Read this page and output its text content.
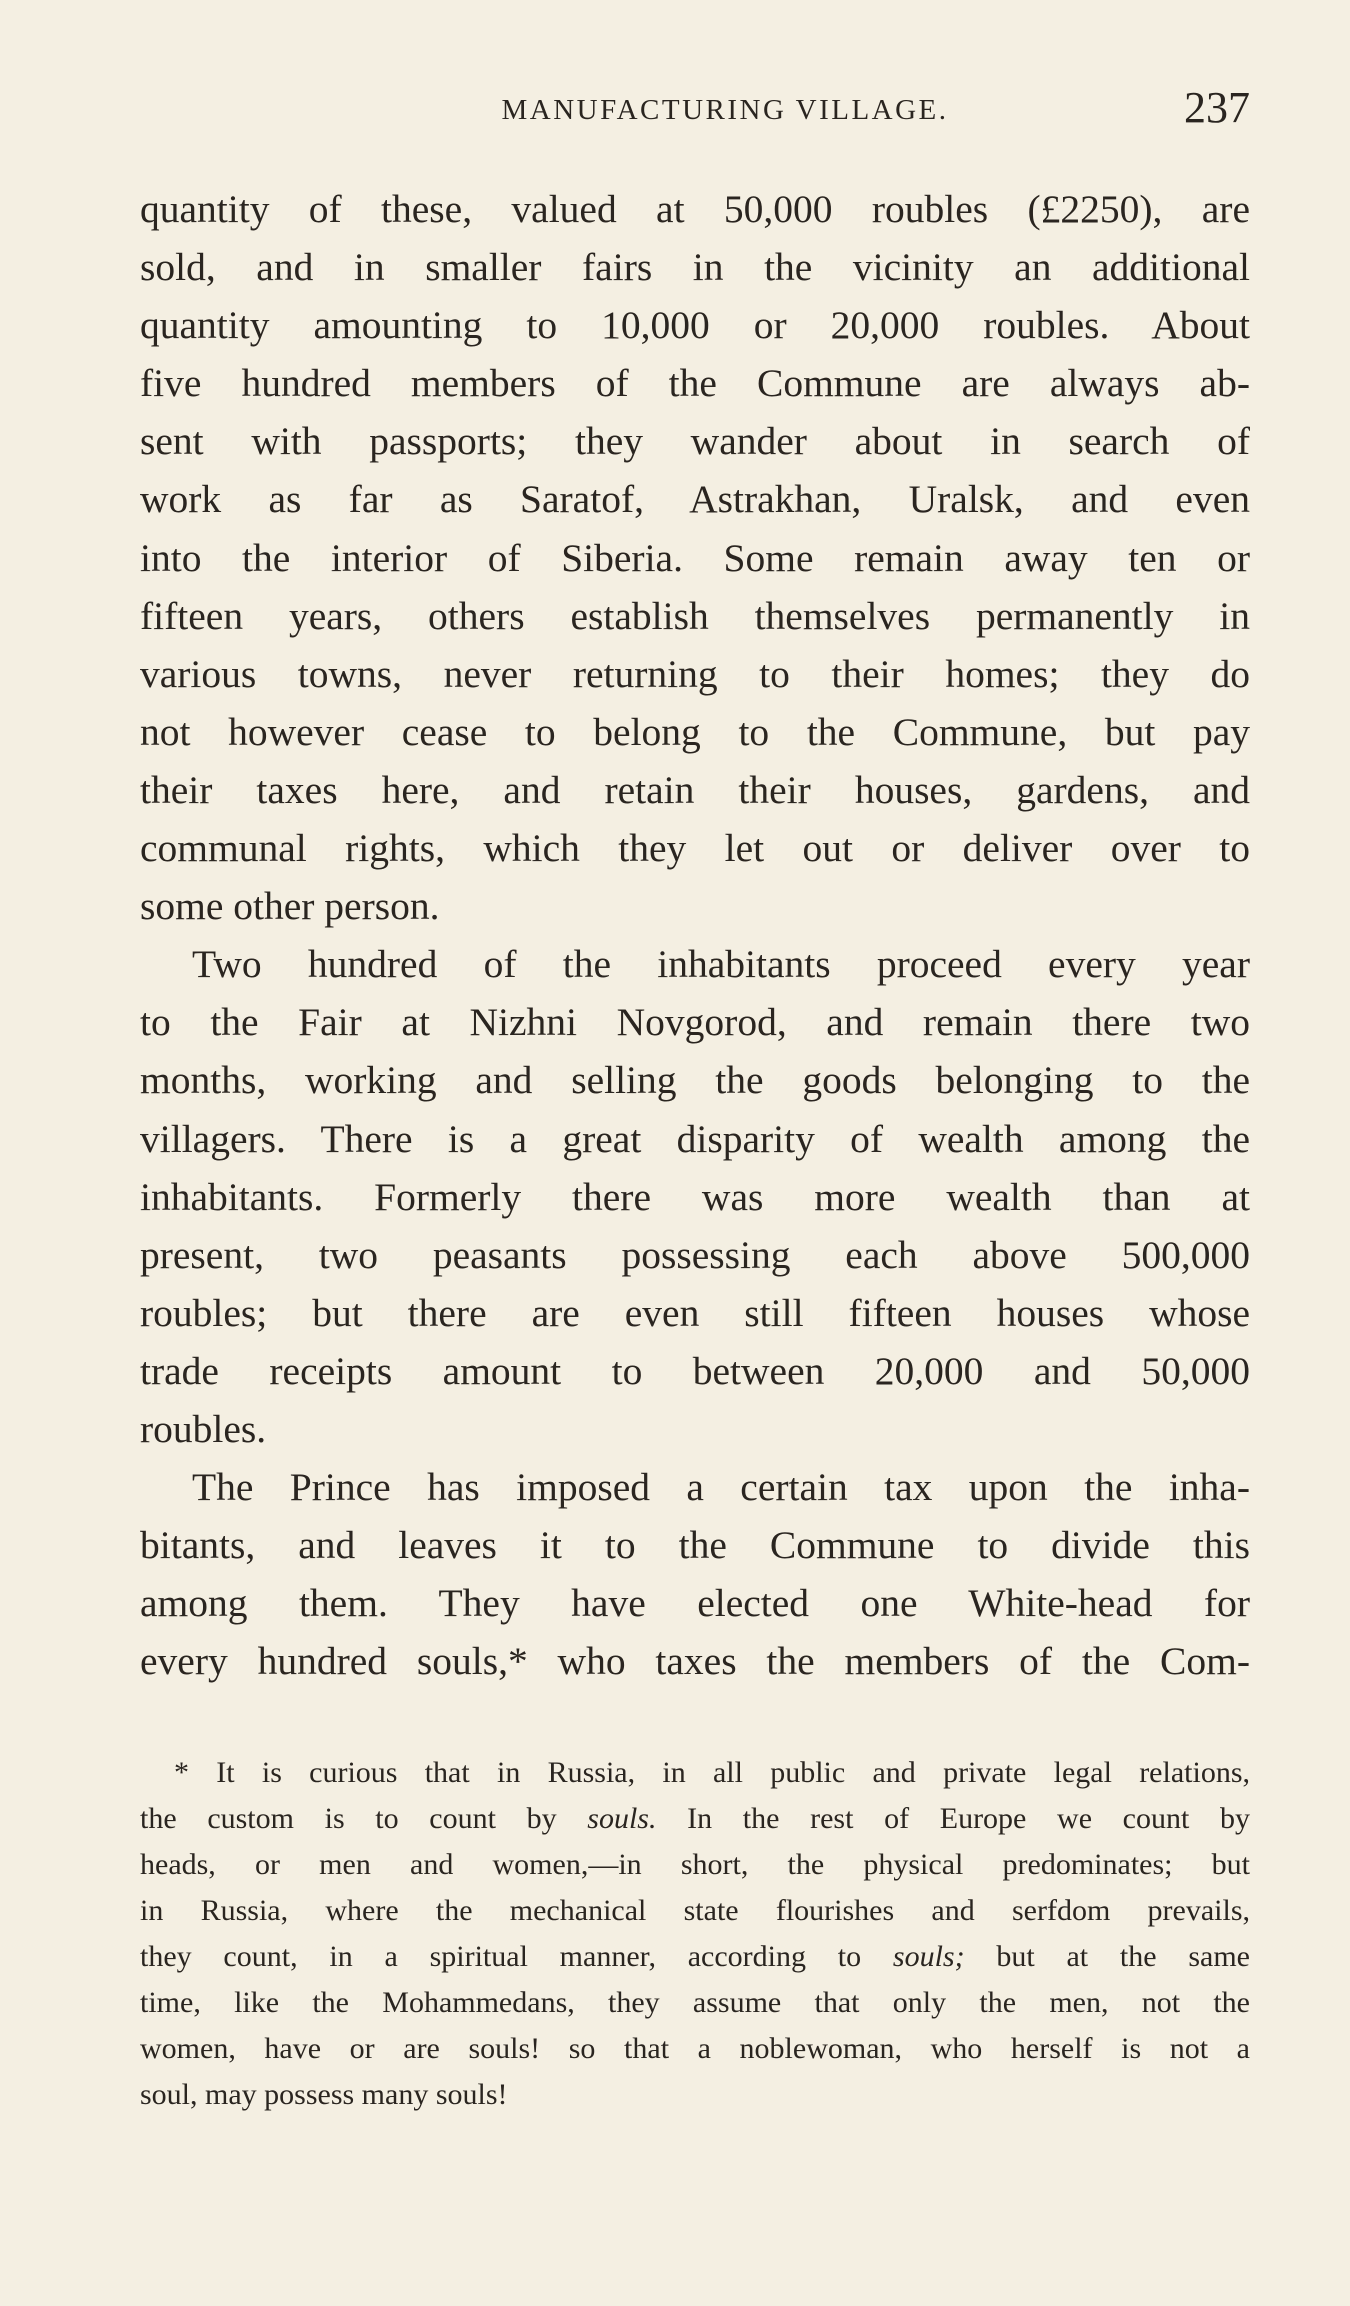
MANUFACTURING VILLAGE.	237
quantity of these, valued at 50,000 roubles (£2250), are
sold, and in smaller fairs in the vicinity an additional
quantity amounting to 10,000 or 20,000 roubles. About
five hundred members of the Commune are always ab-
sent with passports; they wander about in search of
work as far as Saratof, Astrakhan, Uralsk, and even
into the interior of Siberia. Some remain away ten or
fifteen years, others establish themselves permanently in
various towns, never returning to their homes; they do
not however cease to belong to the Commune, but pay
their taxes here, and retain their houses, gardens, and
communal rights, which they let out or deliver over to
some other person.
Two hundred of the inhabitants proceed every year
to the Fair at Nizhni Novgorod, and remain there two
months, working and selling the goods belonging to the
villagers. There is a great disparity of wealth among the
inhabitants. Formerly there was more wealth than at
present, two peasants possessing each above 500,000
roubles; but there are even still fifteen houses whose
trade receipts amount to between 20,000 and 50,000
roubles.
The Prince has imposed a certain tax upon the inha-
bitants, and leaves it to the Commune to divide this
among them. They have elected one White-head for
every hundred souls,* who taxes the members of the Com-
* It is curious that in Russia, in all public and private legal relations,
the custom is to count by souls. In the rest of Europe we count by
heads, or men and women,—in short, the physical predominates; but
in Russia, where the mechanical state flourishes and serfdom prevails,
they count, in a spiritual manner, according to souls; but at the same
time, like the Mohammedans, they assume that only the men, not the
women, have or are souls! so that a noblewoman, who herself is not a
soul, may possess many souls!
